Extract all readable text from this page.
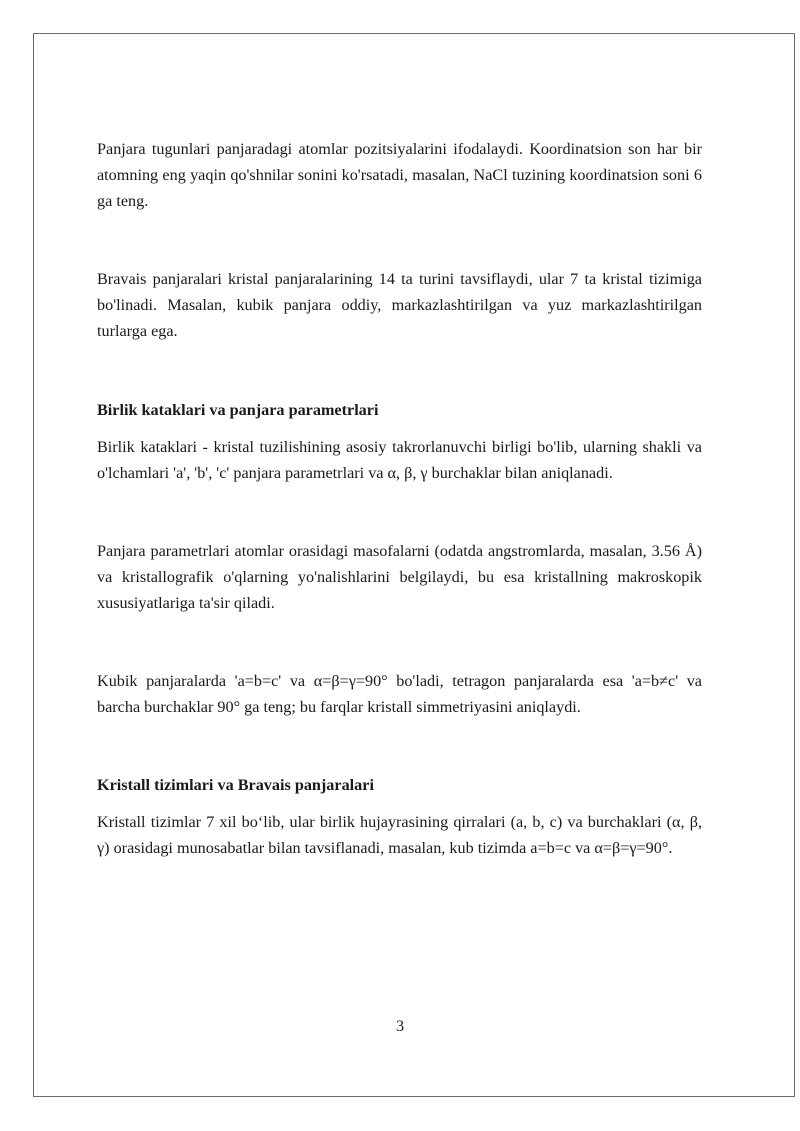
Panjara tugunlari panjaradagi atomlar pozitsiyalarini ifodalaydi. Koordinatsion son har bir atomning eng yaqin qo'shnilar sonini ko'rsatadi, masalan, NaCl tuzining koordinatsion soni 6 ga teng.

Bravais panjaralari kristal panjaralarining 14 ta turini tavsiflaydi, ular 7 ta kristal tizimiga bo'linadi. Masalan, kubik panjara oddiy, markazlashtirilgan va yuz markazlashtirilgan turlarga ega.

Birlik kataklari va panjara parametrlari

Birlik kataklari - kristal tuzilishining asosiy takrorlanuvchi birligi bo'lib, ularning shakli va o'lchamlari 'a', 'b', 'c' panjara parametrlari va α, β, γ burchaklar bilan aniqlanadi.

Panjara parametrlari atomlar orasidagi masofalarni (odatda angstromlarda, masalan, 3.56 Å) va kristallografik o'qlarning yo'nalishlarini belgilaydi, bu esa kristallning makroskopik xususiyatlariga ta'sir qiladi.

Kubik panjaralarda 'a=b=c' va α=β=γ=90° bo'ladi, tetragon panjaralarda esa 'a=b≠c' va barcha burchaklar 90° ga teng; bu farqlar kristall simmetriyasini aniqlaydi.

Kristall tizimlari va Bravais panjaralari

Kristall tizimlar 7 xil bo‘lib, ular birlik hujayrasining qirralari (a, b, c) va burchaklari (α, β, γ) orasidagi munosabatlar bilan tavsiflanadi, masalan, kub tizimda a=b=c va α=β=γ=90°.

3
